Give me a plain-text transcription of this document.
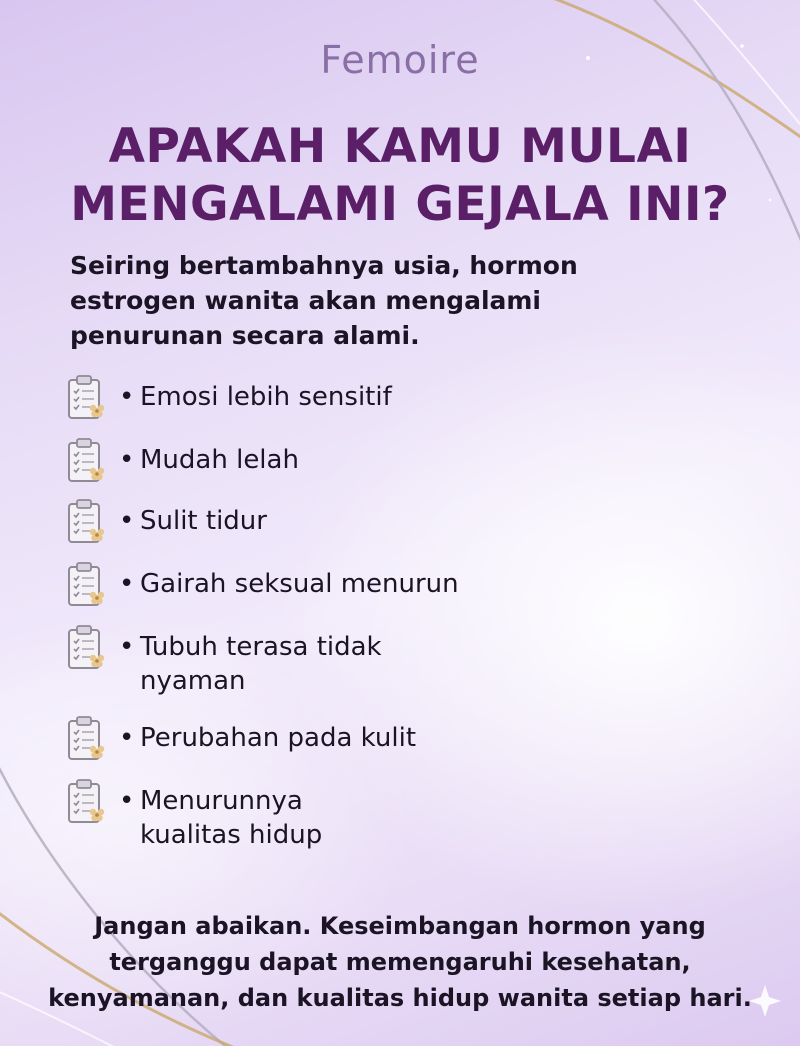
Femoire
APAKAH KAMU MULAI
MENGALAMI GEJALA INI?
Seiring bertambahnya usia, hormon
estrogen wanita akan mengalami
penurunan secara alami.
• Emosi lebih sensitif
• Mudah lelah
• Sulit tidur
• Gairah seksual menurun
• Tubuh terasa tidak
nyaman
• Perubahan pada kulit
• Menurunnya
kualitas hidup
Jangan abaikan. Keseimbangan hormon yang
terganggu dapat memengaruhi kesehatan,
kenyamanan, dan kualitas hidup wanita setiap hari.
